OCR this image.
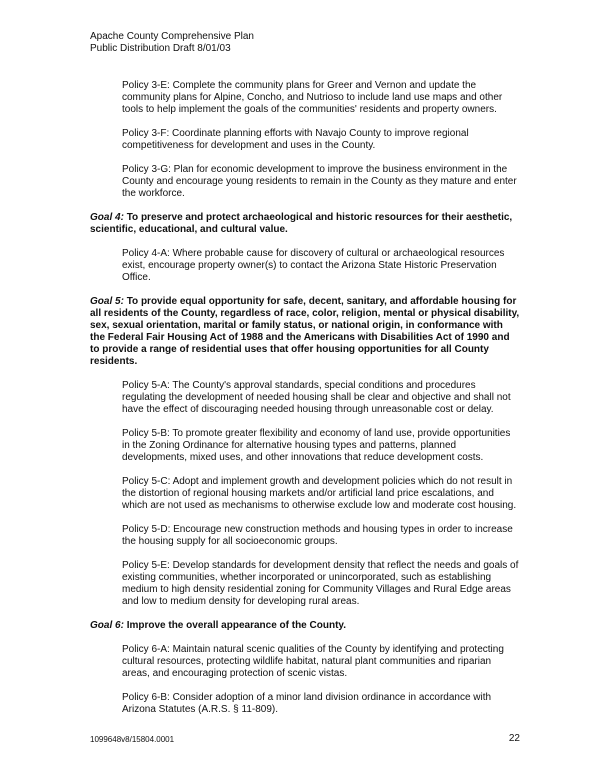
Apache County Comprehensive Plan
Public Distribution Draft 8/01/03

Policy 3-E: Complete the community plans for Greer and Vernon and update the community plans for Alpine, Concho, and Nutrioso to include land use maps and other tools to help implement the goals of the communities' residents and property owners.

Policy 3-F: Coordinate planning efforts with Navajo County to improve regional competitiveness for development and uses in the County.

Policy 3-G: Plan for economic development to improve the business environment in the County and encourage young residents to remain in the County as they mature and enter the workforce.

Goal 4: To preserve and protect archaeological and historic resources for their aesthetic, scientific, educational, and cultural value.

Policy 4-A: Where probable cause for discovery of cultural or archaeological resources exist, encourage property owner(s) to contact the Arizona State Historic Preservation Office.

Goal 5: To provide equal opportunity for safe, decent, sanitary, and affordable housing for all residents of the County, regardless of race, color, religion, mental or physical disability, sex, sexual orientation, marital or family status, or national origin, in conformance with the Federal Fair Housing Act of 1988 and the Americans with Disabilities Act of 1990 and to provide a range of residential uses that offer housing opportunities for all County residents.

Policy 5-A: The County's approval standards, special conditions and procedures regulating the development of needed housing shall be clear and objective and shall not have the effect of discouraging needed housing through unreasonable cost or delay.

Policy 5-B: To promote greater flexibility and economy of land use, provide opportunities in the Zoning Ordinance for alternative housing types and patterns, planned developments, mixed uses, and other innovations that reduce development costs.

Policy 5-C: Adopt and implement growth and development policies which do not result in the distortion of regional housing markets and/or artificial land price escalations, and which are not used as mechanisms to otherwise exclude low and moderate cost housing.

Policy 5-D: Encourage new construction methods and housing types in order to increase the housing supply for all socioeconomic groups.

Policy 5-E: Develop standards for development density that reflect the needs and goals of existing communities, whether incorporated or unincorporated, such as establishing medium to high density residential zoning for Community Villages and Rural Edge areas and low to medium density for developing rural areas.

Goal 6: Improve the overall appearance of the County.

Policy 6-A: Maintain natural scenic qualities of the County by identifying and protecting cultural resources, protecting wildlife habitat, natural plant communities and riparian areas, and encouraging protection of scenic vistas.

Policy 6-B: Consider adoption of a minor land division ordinance in accordance with Arizona Statutes (A.R.S. § 11-809).

1099648v8/15804.0001	22
